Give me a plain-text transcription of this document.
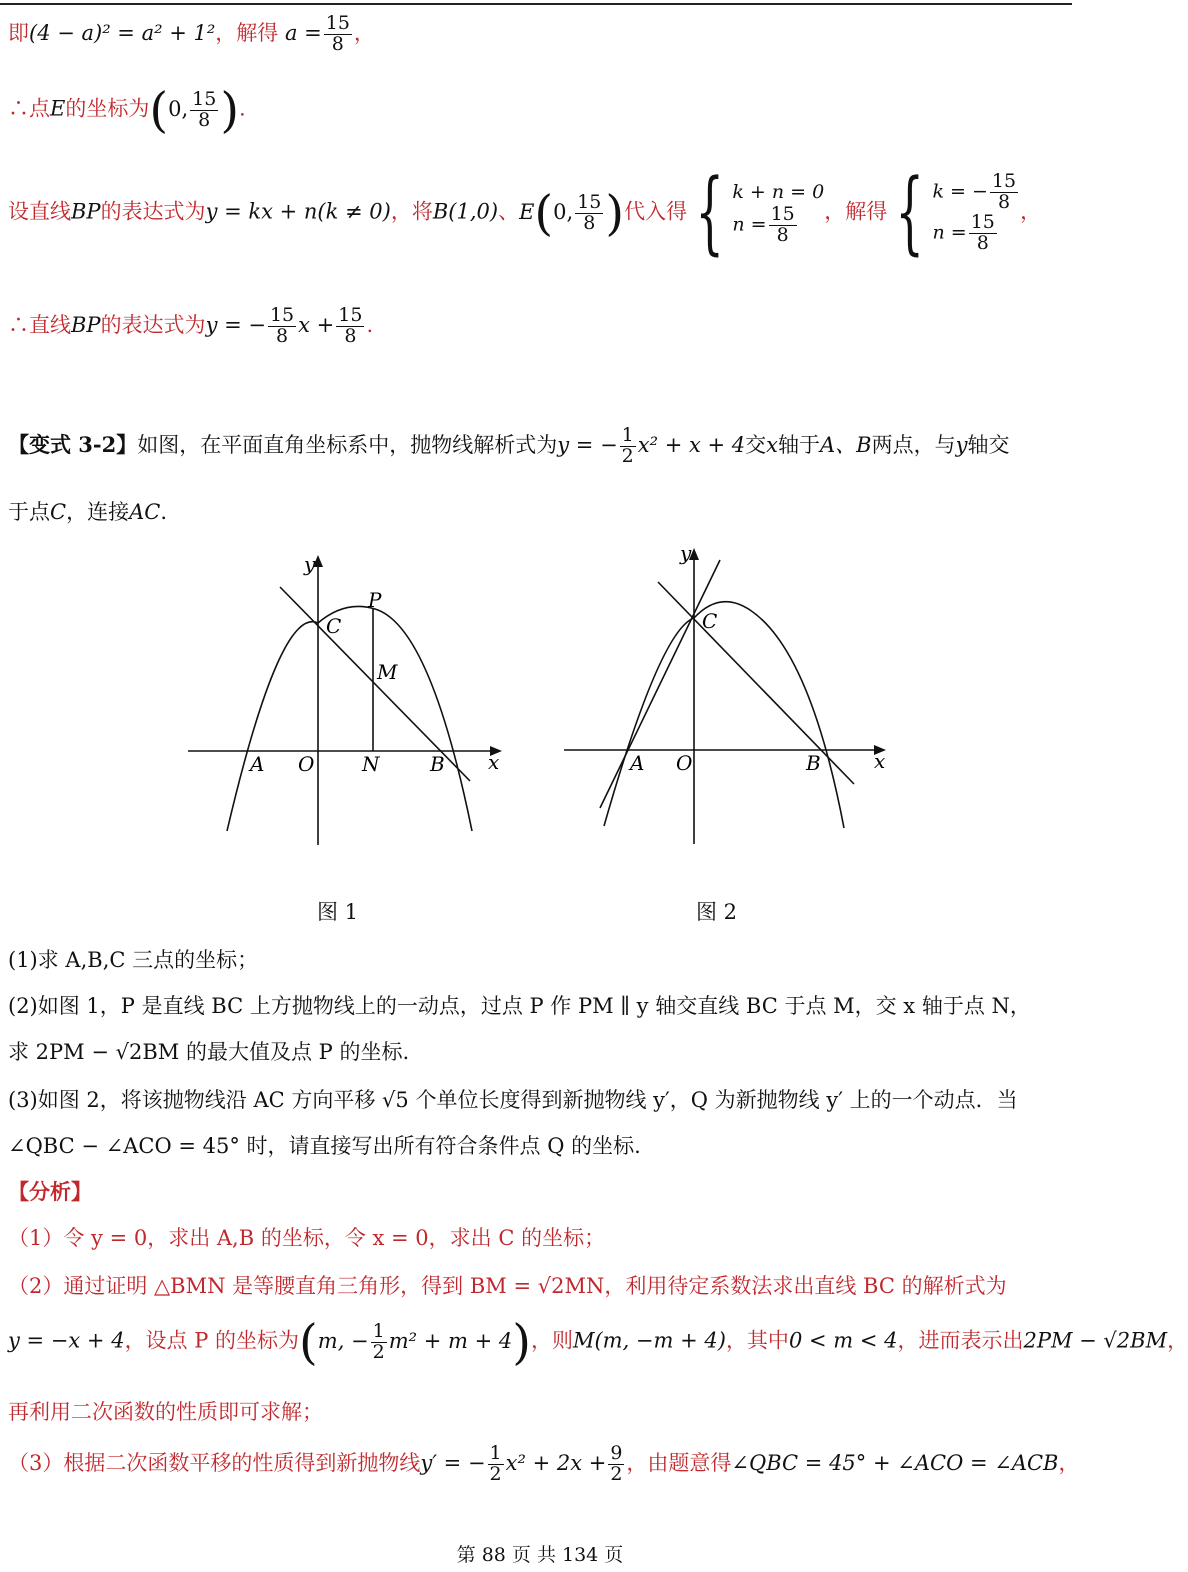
即(4 − a)² = a² + 1²，解得 $a = \frac{15}{8}$ ，
∴点E的坐标为(0, $\frac{15}{8}$ ).
设直线BP的表达式为y = kx + n(k ≠ 0)，将B(1,0)、E(0, $\frac{15}{8}$ )代入得{ k + n = 0
$n = \frac{15}{8}$ ，解得{ k = − $\frac{15}{8}$
$n = \frac{15}{8}$
，
∴直线BP的表达式为y = − $\frac{15}{8}$ $x + \frac{15}{8}$ .
【变式 3-2】如图，在平面直角坐标系中，抛物线解析式为y = − $\frac{1}{2} x^2 + x + 4$交x轴于A、B两点，与y轴交
于点C，连接AC.
y
P
C
M
A O N	B x
图 1
y
C
A O	B	x
图 2
(1)求 A,B,C 三点的坐标；
(2)如图 1，P 是直线 BC 上方抛物线上的一动点，过点 P 作 PM ∥ y 轴交直线 BC 于点 M，交 x 轴于点 N，
求 2PM − √2BM 的最大值及点 P 的坐标.
(3)如图 2，将该抛物线沿 AC 方向平移 √5 个单位长度得到新抛物线 y′，Q 为新抛物线 y′ 上的一个动点．当
∠QBC − ∠ACO = 45° 时，请直接写出所有符合条件点 Q 的坐标.
【分析】
（1）令 y = 0，求出 A,B 的坐标，令 x = 0，求出 C 的坐标；
（2）通过证明 △BMN 是等腰直角三角形，得到 BM = √2MN，利用待定系数法求出直线 BC 的解析式为
y = −x + 4，设点 P 的坐标为(m, − $\frac{1}{2} m^2 + m + 4$)，则M(m, −m + 4)，其中0 < m < 4，进而表示出2PM − √2BM，
再利用二次函数的性质即可求解；
（3）根据二次函数平移的性质得到新抛物线y′ = − $\frac{1}{2} x^2 + 2x + \frac{9}{2}$ ，由题意得∠QBC = 45° + ∠ACO = ∠ACB，
第 88 页 共 134 页
